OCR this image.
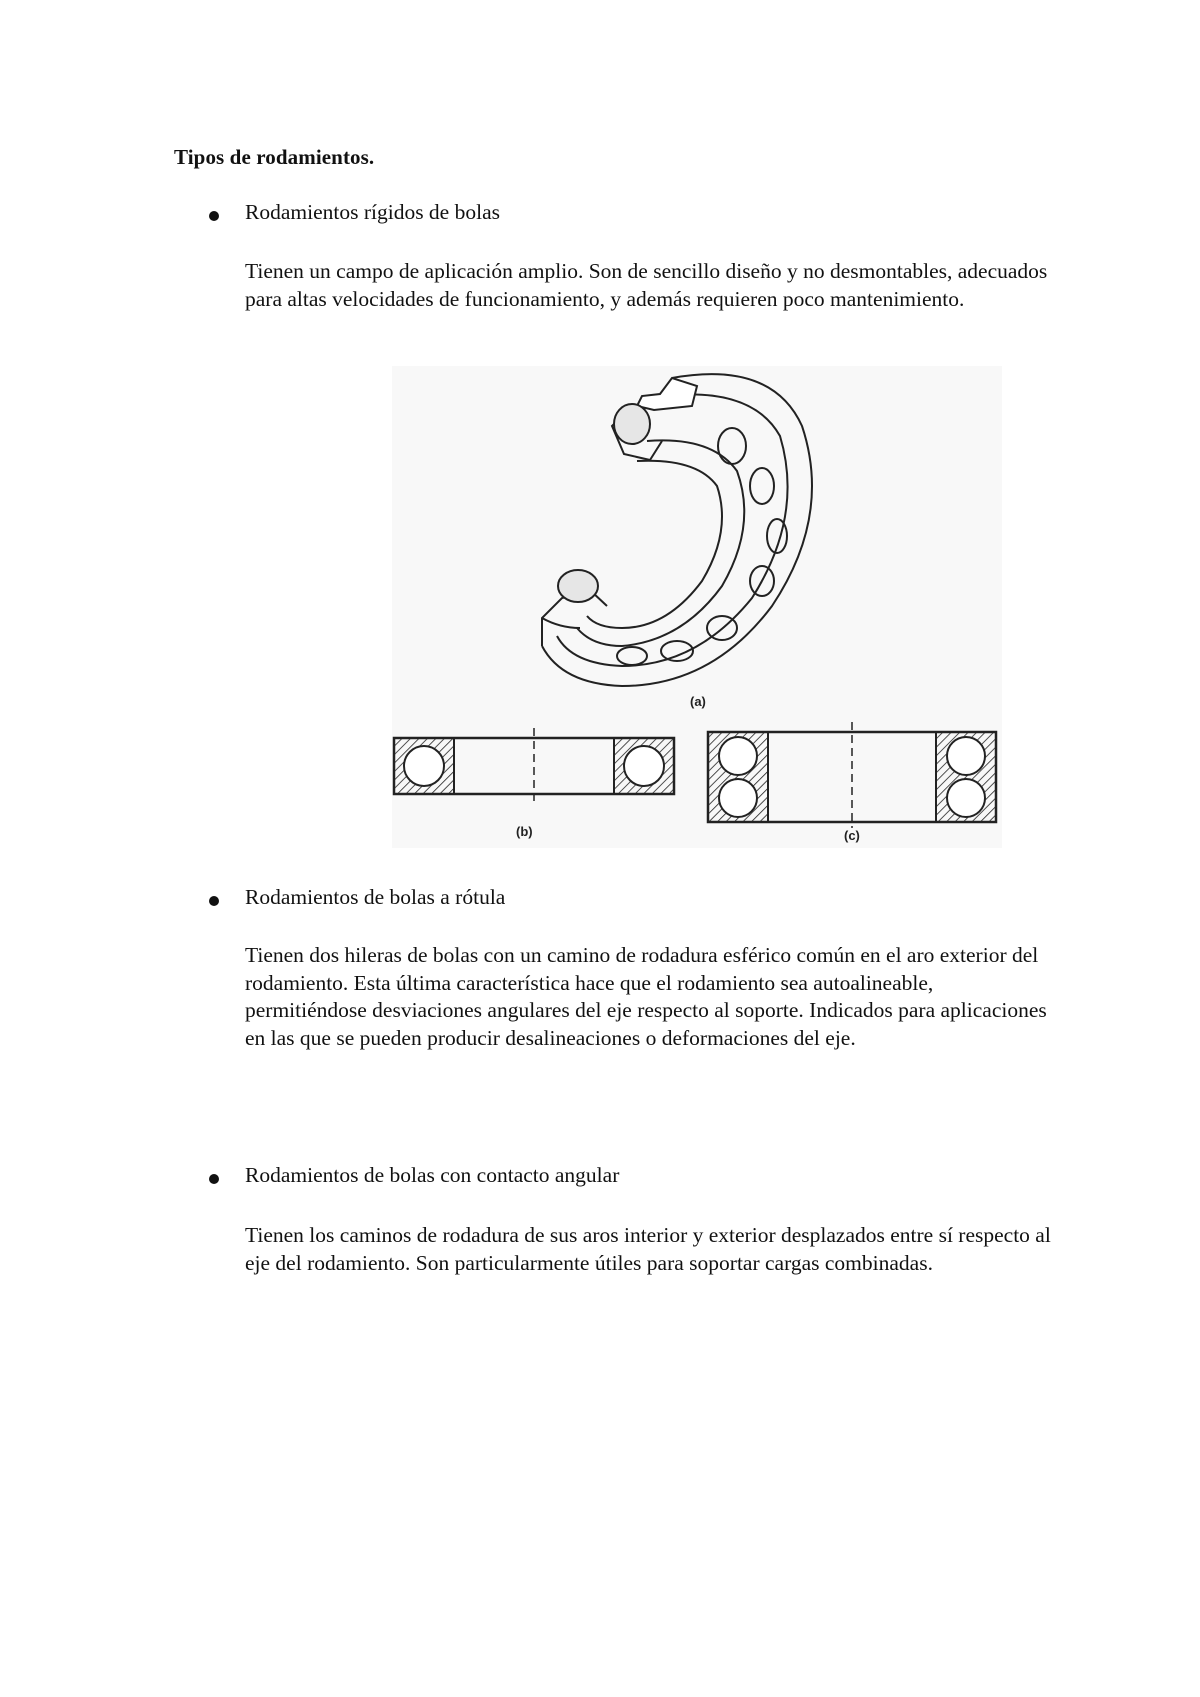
Tipos de rodamientos.
Rodamientos rígidos de bolas

Tienen un campo de aplicación amplio. Son de sencillo diseño y no desmontables, adecuados para altas velocidades de funcionamiento, y además requieren poco mantenimiento.

(a)
(b)	(c)
Rodamientos de bolas a rótula

Tienen dos hileras de bolas con un camino de rodadura esférico común en el aro exterior del rodamiento. Esta última característica hace que el rodamiento sea autoalineable, permitiéndose desviaciones angulares del eje respecto al soporte. Indicados para aplicaciones en las que se pueden producir desalineaciones o deformaciones del eje.

Rodamientos de bolas con contacto angular

Tienen los caminos de rodadura de sus aros interior y exterior desplazados entre sí respecto al eje del rodamiento. Son particularmente útiles para soportar cargas combinadas.
